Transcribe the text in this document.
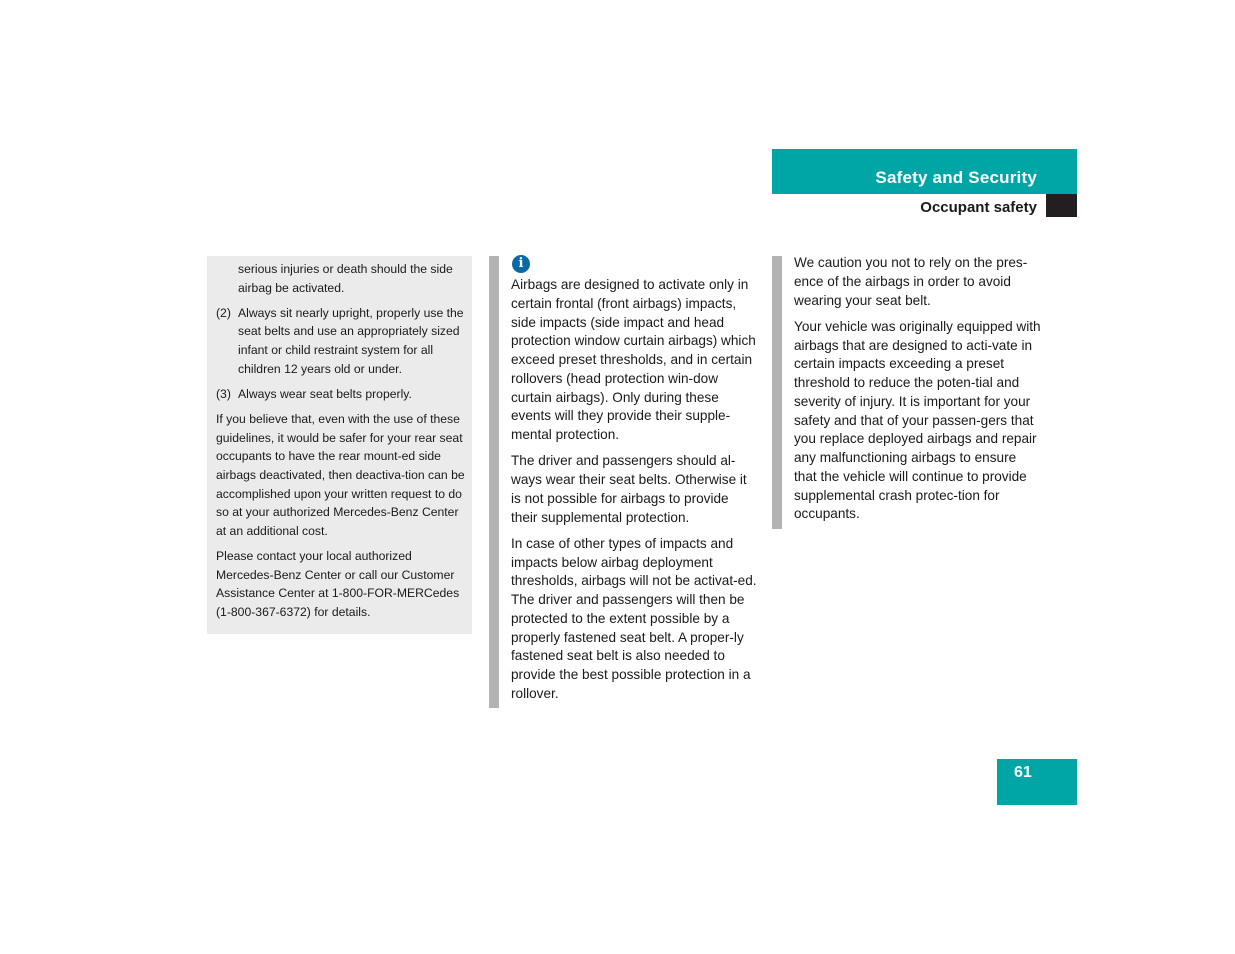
Safety and Security
Occupant safety

serious injuries or death should the side airbag be activated.

(2) Always sit nearly upright, properly use the seat belts and use an appropriately sized infant or child restraint system for all children 12 years old or under.

(3) Always wear seat belts properly.

If you believe that, even with the use of these guidelines, it would be safer for your rear seat occupants to have the rear mount-ed side airbags deactivated, then deactiva-tion can be accomplished upon your written request to do so at your authorized Mercedes-Benz Center at an additional cost.

Please contact your local authorized Mercedes-Benz Center or call our Customer Assistance Center at 1-800-FOR-MERCedes (1-800-367-6372) for details.

i

Airbags are designed to activate only in certain frontal (front airbags) impacts, side impacts (side impact and head protection window curtain airbags) which exceed preset thresholds, and in certain rollovers (head protection win-dow curtain airbags). Only during these events will they provide their supple-mental protection.

The driver and passengers should al-ways wear their seat belts. Otherwise it is not possible for airbags to provide their supplemental protection.

In case of other types of impacts and impacts below airbag deployment thresholds, airbags will not be activat-ed. The driver and passengers will then be protected to the extent possible by a properly fastened seat belt. A proper-ly fastened seat belt is also needed to provide the best possible protection in a rollover.

We caution you not to rely on the pres-ence of the airbags in order to avoid wearing your seat belt.

Your vehicle was originally equipped with airbags that are designed to acti-vate in certain impacts exceeding a preset threshold to reduce the poten-tial and severity of injury. It is important for your safety and that of your passen-gers that you replace deployed airbags and repair any malfunctioning airbags to ensure that the vehicle will continue to provide supplemental crash protec-tion for occupants.

61
